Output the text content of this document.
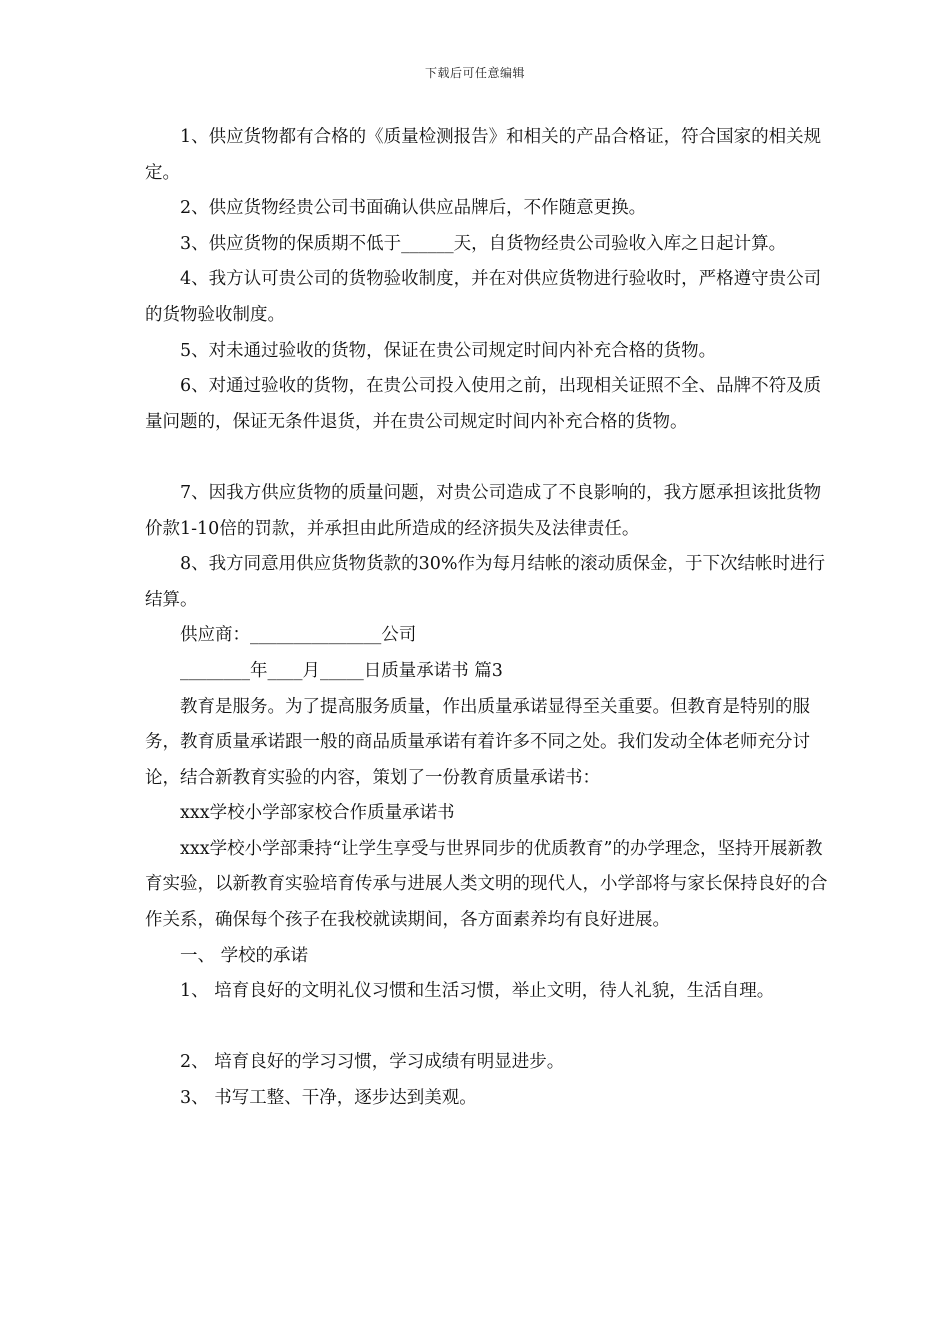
下载后可任意编辑

1、供应货物都有合格的《质量检测报告》和相关的产品合格证，符合国家的相关规定。

2、供应货物经贵公司书面确认供应品牌后，不作随意更换。

3、供应货物的保质期不低于______天，自货物经贵公司验收入库之日起计算。

4、我方认可贵公司的货物验收制度，并在对供应货物进行验收时，严格遵守贵公司的货物验收制度。

5、对未通过验收的货物，保证在贵公司规定时间内补充合格的货物。

6、对通过验收的货物，在贵公司投入使用之前，出现相关证照不全、品牌不符及质量问题的，保证无条件退货，并在贵公司规定时间内补充合格的货物。

7、因我方供应货物的质量问题，对贵公司造成了不良影响的，我方愿承担该批货物价款1-10倍的罚款，并承担由此所造成的经济损失及法律责任。

8、我方同意用供应货物货款的30%作为每月结帐的滚动质保金，于下次结帐时进行结算。

供应商：_______________公司

________年____月_____日质量承诺书 篇3

教育是服务。为了提高服务质量，作出质量承诺显得至关重要。但教育是特别的服务，教育质量承诺跟一般的商品质量承诺有着许多不同之处。我们发动全体老师充分讨论，结合新教育实验的内容，策划了一份教育质量承诺书：

xxx学校小学部家校合作质量承诺书

xxx学校小学部秉持“让学生享受与世界同步的优质教育”的办学理念，坚持开展新教育实验，以新教育实验培育传承与进展人类文明的现代人，小学部将与家长保持良好的合作关系，确保每个孩子在我校就读期间，各方面素养均有良好进展。

一、 学校的承诺

1、 培育良好的文明礼仪习惯和生活习惯，举止文明，待人礼貌，生活自理。

2、 培育良好的学习习惯，学习成绩有明显进步。

3、 书写工整、干净，逐步达到美观。
